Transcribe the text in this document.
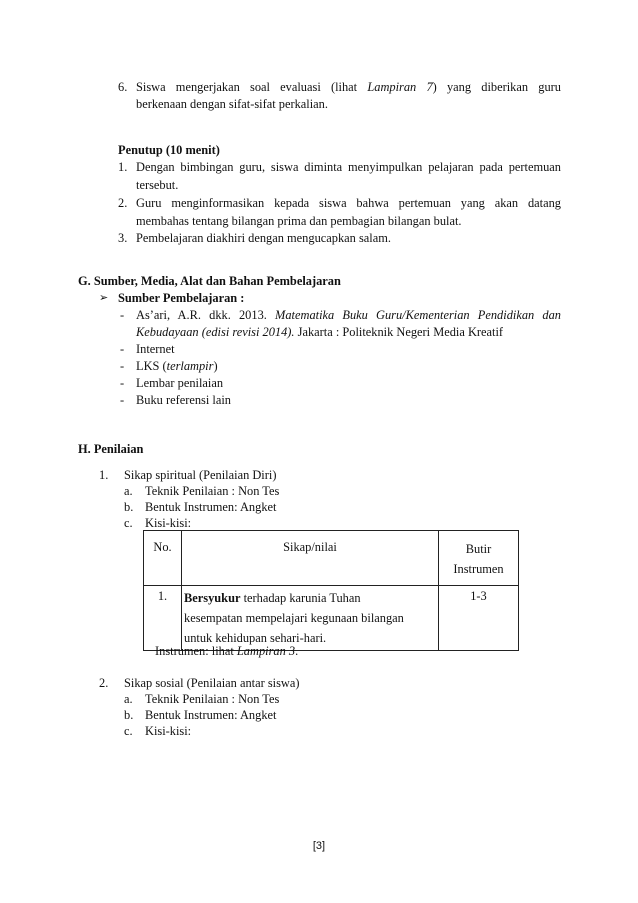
6. Siswa mengerjakan soal evaluasi (lihat Lampiran 7) yang diberikan guru
berkenaan dengan sifat-sifat perkalian.
Penutup (10 menit)
1. Dengan bimbingan guru, siswa diminta menyimpulkan pelajaran pada pertemuan
tersebut.
2. Guru menginformasikan kepada siswa bahwa pertemuan yang akan datang
membahas tentang bilangan prima dan pembagian bilangan bulat.
3. Pembelajaran diakhiri dengan mengucapkan salam.
G. Sumber, Media, Alat dan Bahan Pembelajaran
➢ Sumber Pembelajaran :
- As’ari, A.R. dkk. 2013. Matematika Buku Guru/Kementerian Pendidikan dan
Kebudayaan (edisi revisi 2014). Jakarta : Politeknik Negeri Media Kreatif
- Internet
- LKS (terlampir)
- Lembar penilaian
- Buku referensi lain
H. Penilaian
1. Sikap spiritual (Penilaian Diri)
a. Teknik Penilaian : Non Tes
b. Bentuk Instrumen: Angket
c. Kisi-kisi:
No.	Sikap/nilai	Butir
Instrumen
1.	Bersyukur terhadap karunia Tuhan
kesempatan mempelajari kegunaan bilangan
untuk kehidupan sehari-hari.	1-3
Instrumen: lihat Lampiran 3.
2. Sikap sosial (Penilaian antar siswa)
a. Teknik Penilaian : Non Tes
b. Bentuk Instrumen: Angket
c. Kisi-kisi:
[3]
